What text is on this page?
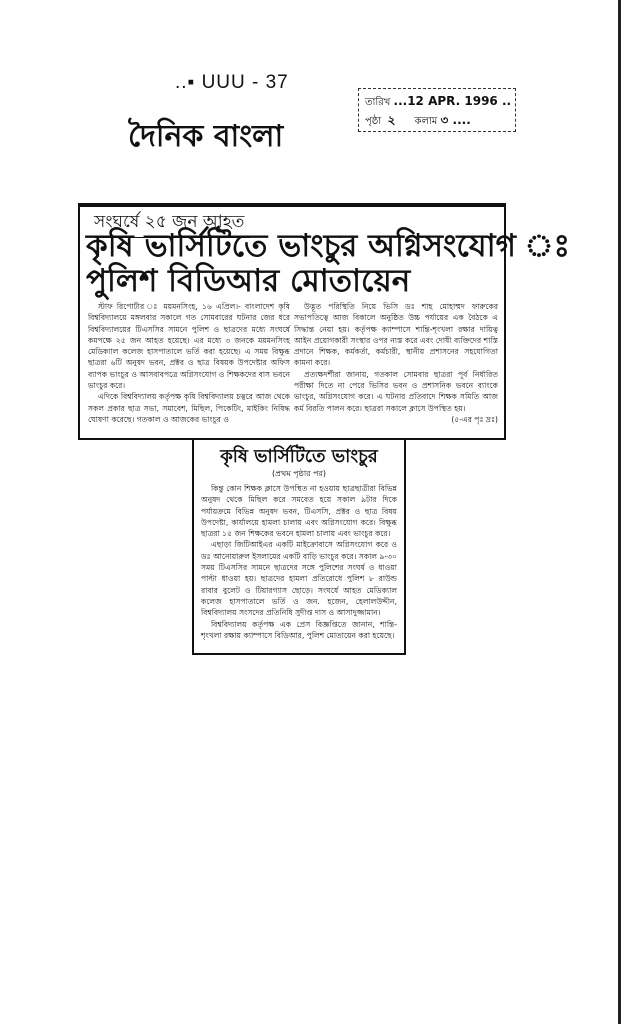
..▪ UUU - 37
দৈনিক বাংলা
তারিখ ...12 APR. 1996 ..
পৃষ্ঠা ২ কলাম ৩ ....
সংঘর্ষে ২৫ জন আহত
কৃষি ভার্সিটিতে ভাংচুর অগ্নিসংযোগ ঃ
পুলিশ বিডিআর মোতায়েন

স্টাফ রিপোর্টার ঃ ময়মনসিংহ, ১৬ এপ্রিল।- বাংলাদেশ কৃষি বিশ্ববিদ্যালয়ে মঙ্গলবার সকালে গত সোমবারের ঘটনার জের ধরে বিশ্ববিদ্যালয়ের টিএসসির সামনে পুলিশ ও ছাত্রদের মধ্যে সংঘর্ষে কমপক্ষে ২৫ জন আহত হয়েছে। এর মধ্যে ৩ জনকে ময়মনসিংহ মেডিক্যাল কলেজ হাসপাতালে ভর্তি করা হয়েছে। এ সময় বিক্ষুব্ধ ছাত্ররা ৬টি অনুষদ ভবন, প্রক্টর ও ছাত্র বিষয়ক উপদেষ্টার অফিস ব্যাপক ভাংচুর ও আসবাবপত্রে অগ্নিসংযোগ ও শিক্ষকদের বাস ভবনে ভাংচুর করে।

এদিকে বিশ্ববিদ্যালয় কর্তৃপক্ষ কৃষি বিশ্ববিদ্যালয় চত্বরে আজ থেকে সকল প্রকার ছাত্র সভা, সমাবেশ, মিছিল, পিকেটিং, মাইকিং নিষিদ্ধ ঘোষণা করেছে। গতকাল ও আজকের ভাংচুর ও

উদ্ভূত পরিস্থিতি নিয়ে ভিসি ডঃ শাহ মোহাম্মদ ফারুকের সভাপতিত্বে আজ বিকালে অনুষ্ঠিত উচ্চ পর্যায়ের এক বৈঠকে এ সিদ্ধান্ত নেয়া হয়। কর্তৃপক্ষ ক্যাম্পাসে শান্তি-শৃংখলা রক্ষার দায়িত্ব আইন প্রয়োগকারী সংস্থার ওপর ন্যস্ত করে এবং দোষী ব্যক্তিদের শাস্তি প্রদানে শিক্ষক, কর্মকর্তা, কর্মচারী, স্থানীয় প্রশাসনের সহযোগিতা কামনা করে।

প্রত্যক্ষদর্শীরা জানায়, গতকাল সোমবার ছাত্ররা পূর্ব নির্ধারিত পরীক্ষা দিতে না পেরে ভিসির ভবন ও প্রশাসনিক ভবনে ব্যাংকে ভাংচুর, অগ্নিসংযোগ করে। এ ঘটনার প্রতিবাদে শিক্ষক সমিতি আজ কর্ম বিরতি পালন করে। ছাত্ররা সকালে ক্লাসে উপস্থিত হয়।

(৫-এর পৃঃ দ্রঃ)
কৃষি ভার্সিটিতে ভাংচুর
(প্রথম পৃষ্ঠার পর)

কিন্তু কোন শিক্ষক ক্লাসে উপস্থিত না হওয়ায় ছাত্রছাত্রীরা বিভিন্ন অনুষদ থেকে মিছিল করে সমবেত হয়ে সকাল ৯টার দিকে পর্যায়ক্রমে বিভিন্ন অনুষদ ভবন, টিএসসি, প্রক্টর ও ছাত্র বিষয় উপদেষ্টা, কার্যালয়ে হামলা চালায় এবং অগ্নিসংযোগ করে। বিক্ষুব্ধ ছাত্ররা ১৫ জন শিক্ষকের ভবনে হামলা চালায় এবং ভাংচুর করে।

এছাড়া জিটিআইএর একটি মাইক্রোবাসে অগ্নিসংযোগ করে ও ডঃ আনোয়ারুল ইসলামের একটি বাড়ি ভাংচুর করে। সকাল ৯-৩০ সময় টিএসসির সামনে ছাত্রদের সঙ্গে পুলিশের সংঘর্ষ ও ধাওয়া পাল্টা ধাওয়া হয়। ছাত্রদের হামলা প্রতিরোধে পুলিশ ৮ রাউন্ড রাবার বুলেট ও টিয়ারগ্যাস ছোড়ে। সংঘর্ষে আহত মেডিক্যাল কলেজ হাসপাতালে ভর্তি ও জন. হজেন, হেলালউদ্দীন, বিশ্ববিদ্যালয় সংসদের প্রতিনিধি সুদীপ্ত দাস ও আসাদুজ্জামান।

বিশ্ববিদ্যালয় কর্তৃপক্ষ এক প্রেস বিজ্ঞপ্তিতে জানান, শান্তি-শৃংখলা রক্ষায় ক্যাম্পাসে বিডিআর, পুলিশ মোতায়েন করা হয়েছে।
